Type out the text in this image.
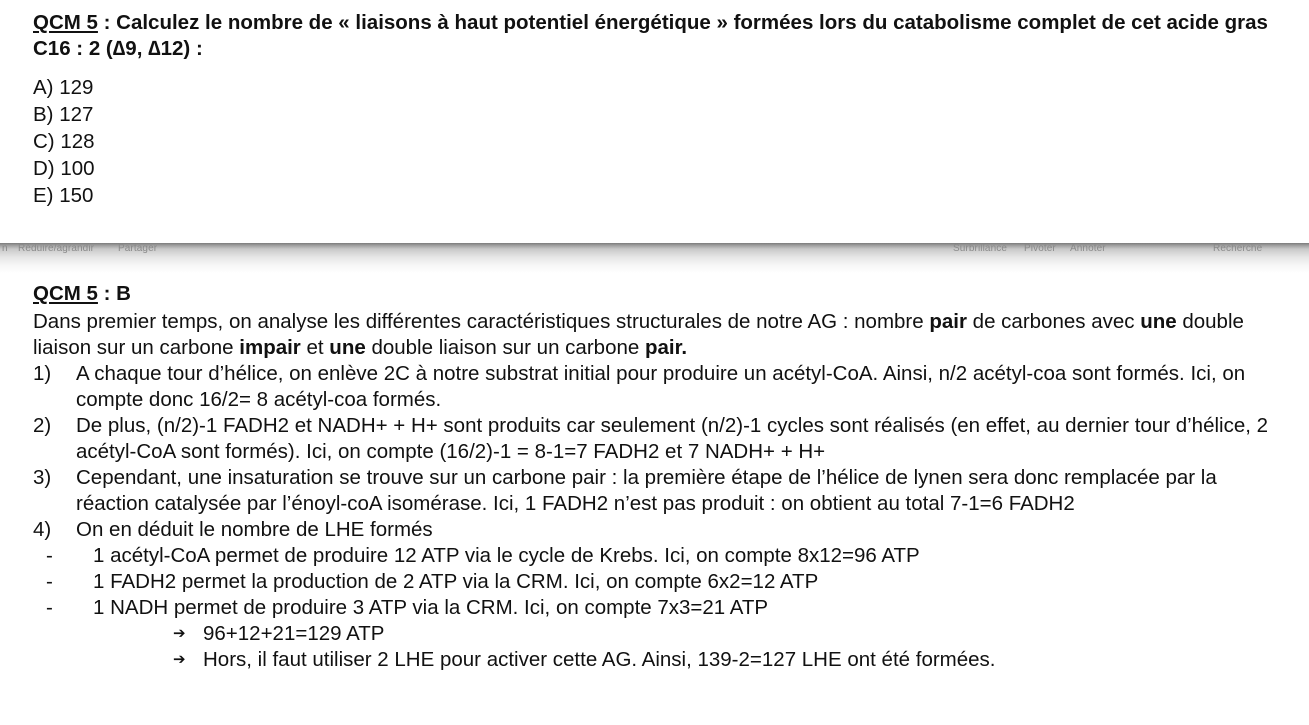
QCM 5 : Calculez le nombre de « liaisons à haut potentiel énergétique » formées lors du catabolisme complet de cet acide gras C16 : 2 (∆9, ∆12) :

A) 129
B) 127
C) 128
D) 100
E) 150
n Réduire/agrandir Partager	Surbrillance Pivoter Annoter	Recherche
QCM 5 : B

Dans premier temps, on analyse les différentes caractéristiques structurales de notre AG : nombre pair de carbones avec une double liaison sur un carbone impair et une double liaison sur un carbone pair.

1) A chaque tour d’hélice, on enlève 2C à notre substrat initial pour produire un acétyl-CoA. Ainsi, n/2 acétyl-coa sont formés. Ici, on compte donc 16/2= 8 acétyl-coa formés.
2) De plus, (n/2)-1 FADH2 et NADH+ + H+ sont produits car seulement (n/2)-1 cycles sont réalisés (en effet, au dernier tour d’hélice, 2 acétyl-CoA sont formés). Ici, on compte (16/2)-1 = 8-1=7 FADH2 et 7 NADH+ + H+
3) Cependant, une insaturation se trouve sur un carbone pair : la première étape de l’hélice de lynen sera donc remplacée par la réaction catalysée par l’énoyl-coA isomérase. Ici, 1 FADH2 n’est pas produit : on obtient au total 7-1=6 FADH2
4) On en déduit le nombre de LHE formés
- 1 acétyl-CoA permet de produire 12 ATP via le cycle de Krebs. Ici, on compte 8x12=96 ATP
- 1 FADH2 permet la production de 2 ATP via la CRM. Ici, on compte 6x2=12 ATP
- 1 NADH permet de produire 3 ATP via la CRM. Ici, on compte 7x3=21 ATP
➔ 96+12+21=129 ATP
➔ Hors, il faut utiliser 2 LHE pour activer cette AG. Ainsi, 139-2=127 LHE ont été formées.
